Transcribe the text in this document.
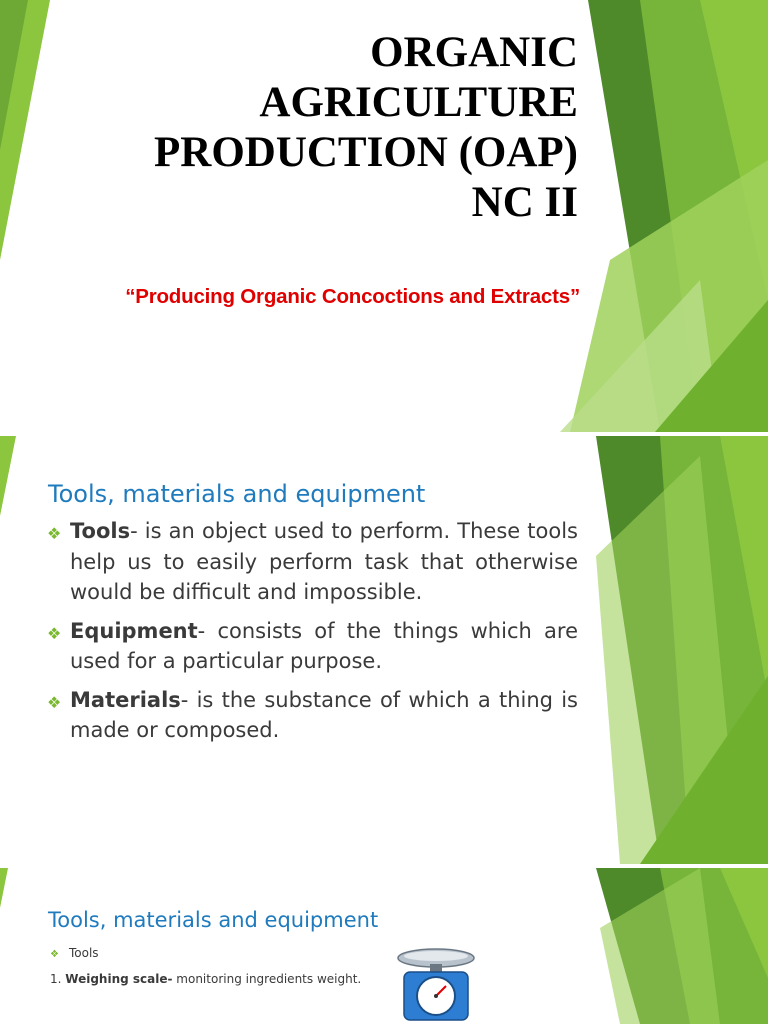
ORGANIC
AGRICULTURE
PRODUCTION (OAP)
NC II
“Producing Organic Concoctions and Extracts”
Tools, materials and equipment
❖ Tools- is an object used to perform. These tools help us to easily perform task that otherwise would be difficult and impossible.
❖ Equipment- consists of the things which are used for a particular purpose.
❖ Materials- is the substance of which a thing is made or composed.
Tools, materials and equipment
❖ Tools
1. Weighing scale- monitoring ingredients weight.
